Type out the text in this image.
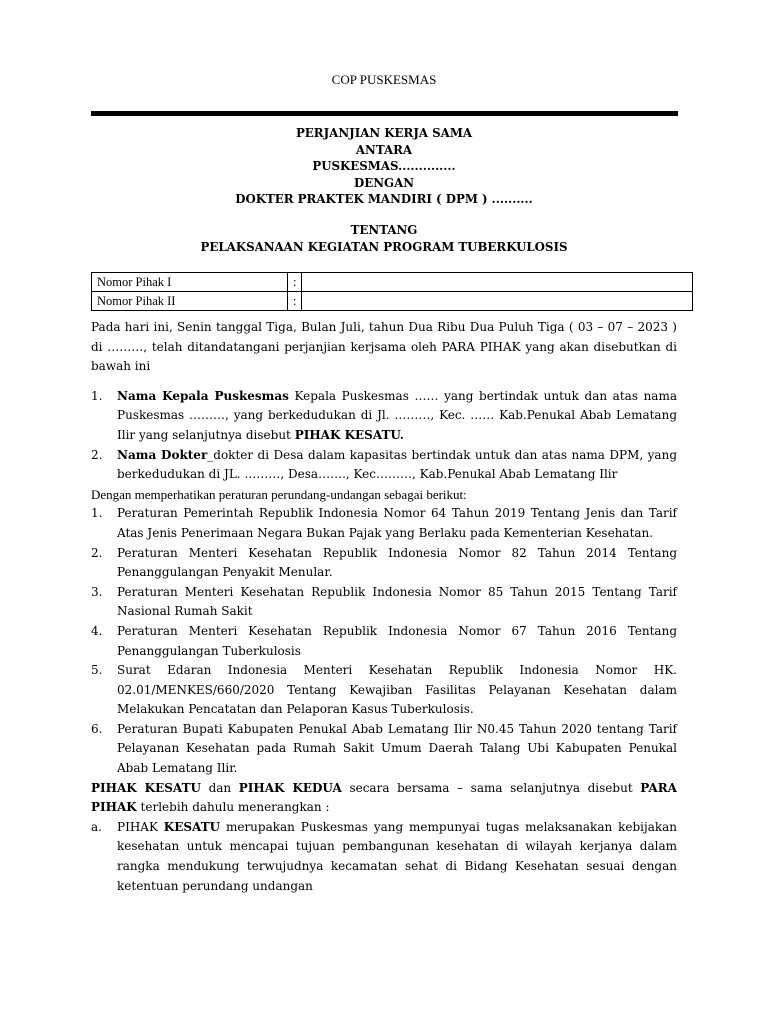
COP PUSKESMAS
PERJANJIAN KERJA SAMA
ANTARA
PUSKESMAS..............
DENGAN
DOKTER PRAKTEK MANDIRI ( DPM ) ..........
TENTANG
PELAKSANAAN KEGIATAN PROGRAM TUBERKULOSIS
Nomor Pihak I	:	
Nomor Pihak II	:	

Pada hari ini, Senin tanggal Tiga, Bulan Juli, tahun Dua Ribu Dua Puluh Tiga ( 03 – 07 – 2023 ) di ………, telah ditandatangani perjanjian kerjsama oleh PARA PIHAK yang akan disebutkan di bawah ini

1. Nama Kepala Puskesmas Kepala Puskesmas …… yang bertindak untuk dan atas nama Puskesmas ………, yang berkedudukan di Jl. ………, Kec. …… Kab.Penukal Abab Lematang Ilir yang selanjutnya disebut PIHAK KESATU.
2. Nama Dokter_dokter di Desa dalam kapasitas bertindak untuk dan atas nama DPM, yang berkedudukan di JL. ………, Desa……., Kec………, Kab.Penukal Abab Lematang Ilir

Dengan memperhatikan peraturan perundang-undangan sebagai berikut:

1. Peraturan Pemerintah Republik Indonesia Nomor 64 Tahun 2019 Tentang Jenis dan Tarif Atas Jenis Penerimaan Negara Bukan Pajak yang Berlaku pada Kementerian Kesehatan.
2. Peraturan Menteri Kesehatan Republik Indonesia Nomor 82 Tahun 2014 Tentang Penanggulangan Penyakit Menular.
3. Peraturan Menteri Kesehatan Republik Indonesia Nomor 85 Tahun 2015 Tentang Tarif Nasional Rumah Sakit
4. Peraturan Menteri Kesehatan Republik Indonesia Nomor 67 Tahun 2016 Tentang Penanggulangan Tuberkulosis
5. Surat Edaran Indonesia Menteri Kesehatan Republik Indonesia Nomor HK. 02.01/MENKES/660/2020 Tentang Kewajiban Fasilitas Pelayanan Kesehatan dalam Melakukan Pencatatan dan Pelaporan Kasus Tuberkulosis.
6. Peraturan Bupati Kabupaten Penukal Abab Lematang Ilir N0.45 Tahun 2020 tentang Tarif Pelayanan Kesehatan pada Rumah Sakit Umum Daerah Talang Ubi Kabupaten Penukal Abab Lematang Ilir.

PIHAK KESATU dan PIHAK KEDUA secara bersama – sama selanjutnya disebut PARA PIHAK terlebih dahulu menerangkan :

a. PIHAK KESATU merupakan Puskesmas yang mempunyai tugas melaksanakan kebijakan kesehatan untuk mencapai tujuan pembangunan kesehatan di wilayah kerjanya dalam rangka mendukung terwujudnya kecamatan sehat di Bidang Kesehatan sesuai dengan ketentuan perundang undangan
